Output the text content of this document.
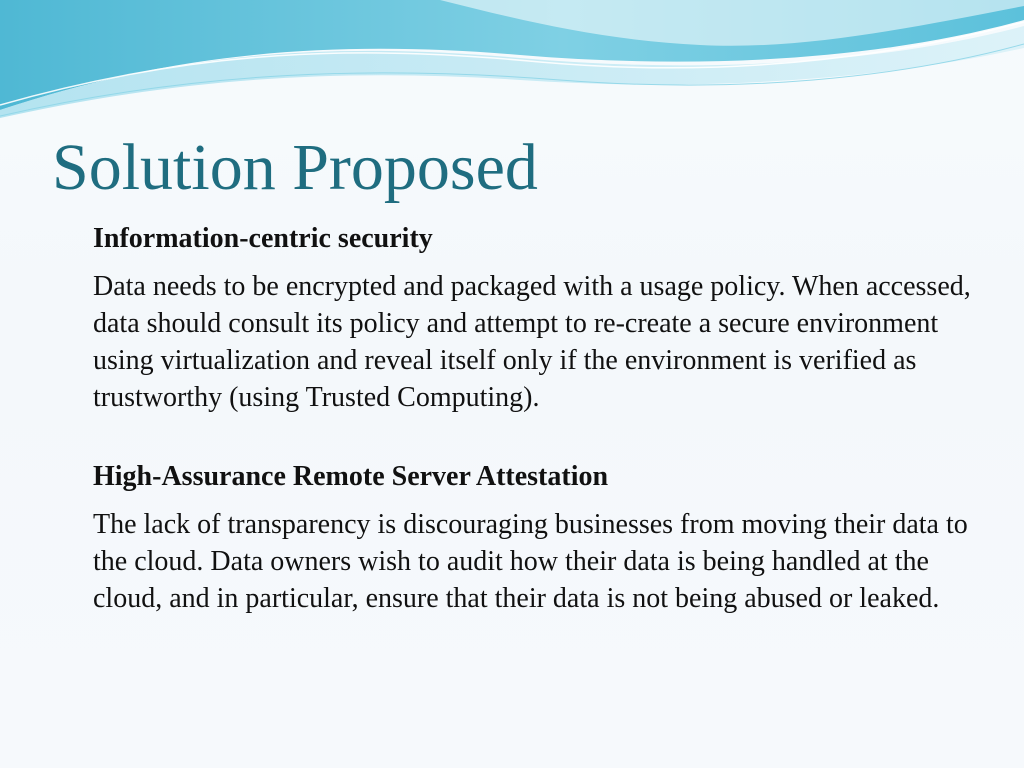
Solution Proposed

Information-centric security

Data needs to be encrypted and packaged with a usage policy. When accessed, data should consult its policy and attempt to re-create a secure environment using virtualization and reveal itself only if the environment is verified as trustworthy (using Trusted Computing).

High-Assurance Remote Server Attestation

The lack of transparency is discouraging businesses from moving their data to the cloud. Data owners wish to audit how their data is being handled at the cloud, and in particular, ensure that their data is not being abused or leaked.
